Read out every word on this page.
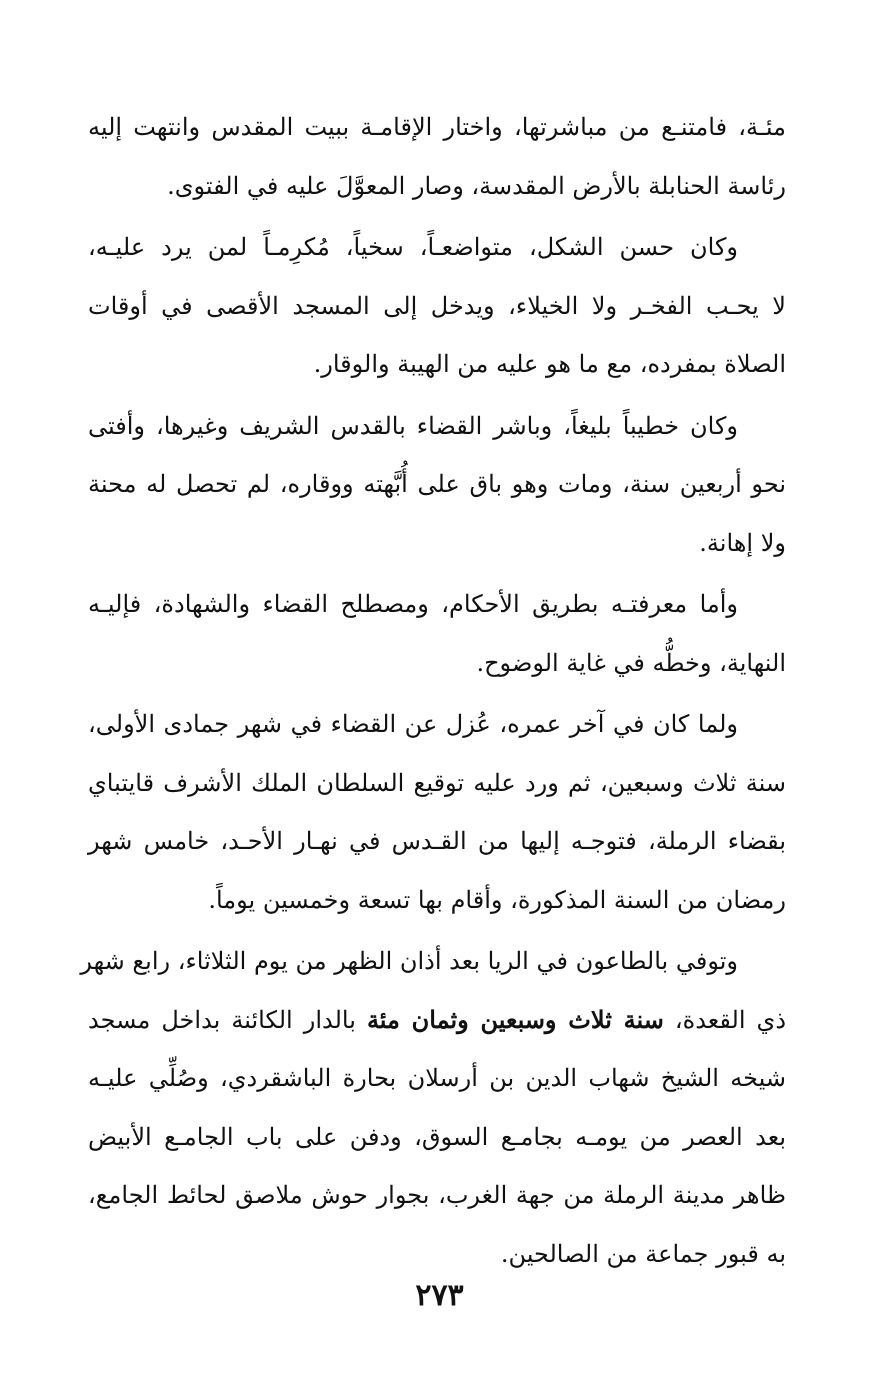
مئـة، فامتنـع من مباشرتها، واختار الإقامـة ببيت المقدس وانتهت إليه
رئاسة الحنابلة بالأرض المقدسة، وصار المعوَّلَ عليه في الفتوى.

وكان حسن الشكل، متواضعـاً، سخياً، مُكرِمـاً لمن يرد عليـه،
لا يحـب الفخـر ولا الخيلاء، ويدخل إلى المسجد الأقصى في أوقات
الصلاة بمفرده، مع ما هو عليه من الهيبة والوقار.

وكان خطيباً بليغاً، وباشر القضاء بالقدس الشريف وغيرها، وأفتى
نحو أربعين سنة، ومات وهو باق على أُبَّهته ووقاره، لم تحصل له محنة
ولا إهانة.

وأما معرفتـه بطريق الأحكام، ومصطلح القضاء والشهادة، فإليـه
النهاية، وخطُّه في غاية الوضوح.

ولما كان في آخر عمره، عُزل عن القضاء في شهر جمادى الأولى،
سنة ثلاث وسبعين، ثم ورد عليه توقيع السلطان الملك الأشرف قايتباي
بقضاء الرملة، فتوجـه إليها من القـدس في نهـار الأحـد، خامس شهر
رمضان من السنة المذكورة، وأقام بها تسعة وخمسين يوماً.

وتوفي بالطاعون في الريا بعد أذان الظهر من يوم الثلاثاء، رابع شهر
ذي القعدة، سنة ثلاث وسبعين وثمان مئة بالدار الكائنة بداخل مسجد
شيخه الشيخ شهاب الدين بن أرسلان بحارة الباشقردي، وصُلِّي عليـه
بعد العصر من يومـه بجامـع السوق، ودفن على باب الجامـع الأبيض
ظاهر مدينة الرملة من جهة الغرب، بجوار حوش ملاصق لحائط الجامع،
به قبور جماعة من الصالحين.

٢٧٣
